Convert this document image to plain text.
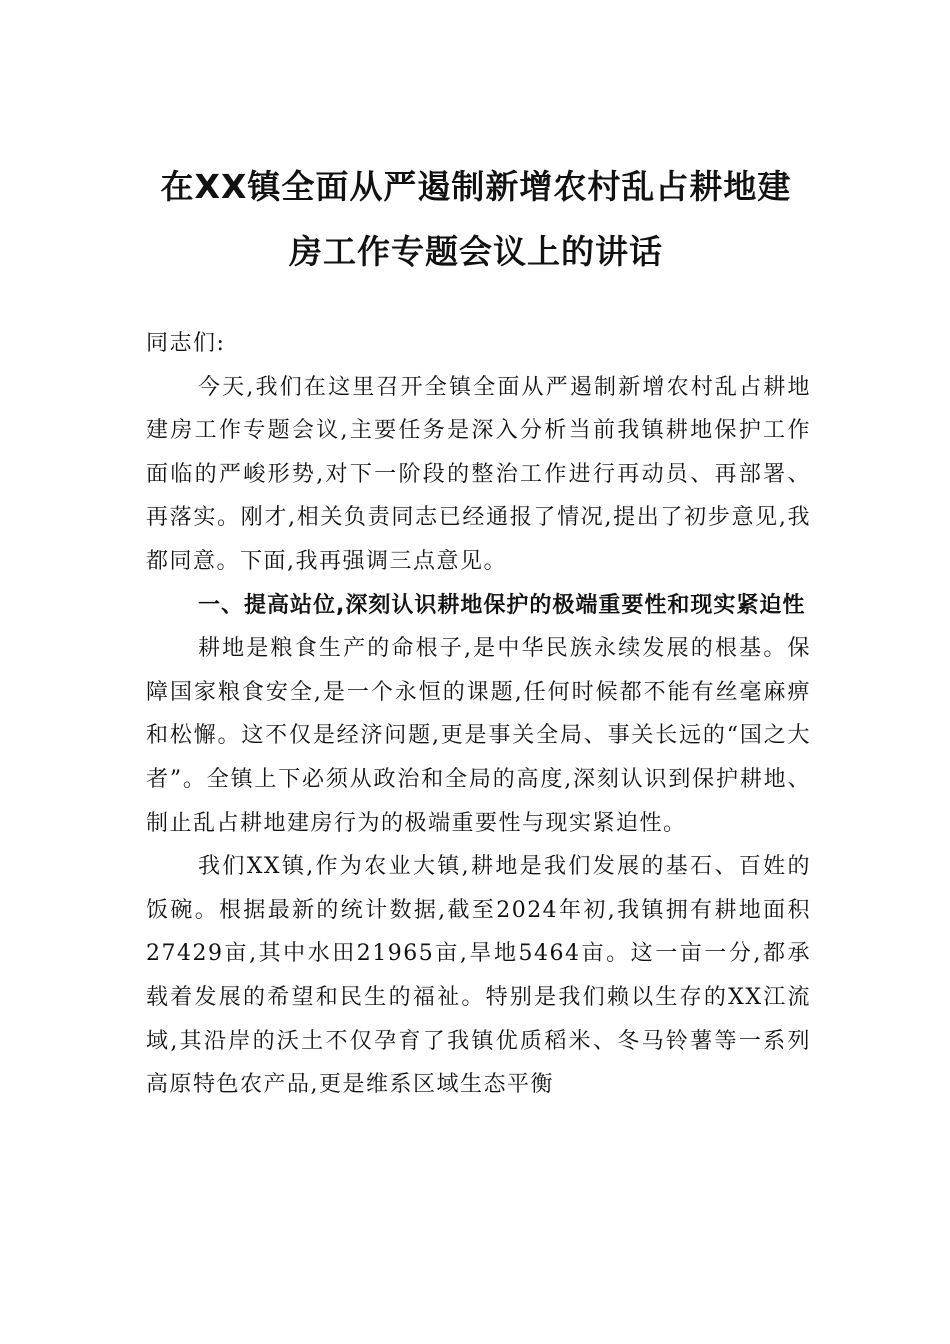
在XX镇全面从严遏制新增农村乱占耕地建
房工作专题会议上的讲话

同志们:

今天,我们在这里召开全镇全面从严遏制新增农村乱占耕地建房工作专题会议,主要任务是深入分析当前我镇耕地保护工作面临的严峻形势,对下一阶段的整治工作进行再动员、再部署、再落实。刚才,相关负责同志已经通报了情况,提出了初步意见,我都同意。下面,我再强调三点意见。

一、提高站位,深刻认识耕地保护的极端重要性和现实紧迫性

耕地是粮食生产的命根子,是中华民族永续发展的根基。保障国家粮食安全,是一个永恒的课题,任何时候都不能有丝毫麻痹和松懈。这不仅是经济问题,更是事关全局、事关长远的“国之大者”。全镇上下必须从政治和全局的高度,深刻认识到保护耕地、制止乱占耕地建房行为的极端重要性与现实紧迫性。

我们XX镇,作为农业大镇,耕地是我们发展的基石、百姓的饭碗。根据最新的统计数据,截至2024年初,我镇拥有耕地面积27429亩,其中水田21965亩,旱地5464亩。这一亩一分,都承载着发展的希望和民生的福祉。特别是我们赖以生存的XX江流域,其沿岸的沃土不仅孕育了我镇优质稻米、冬马铃薯等一系列高原特色农产品,更是维系区域生态平衡
